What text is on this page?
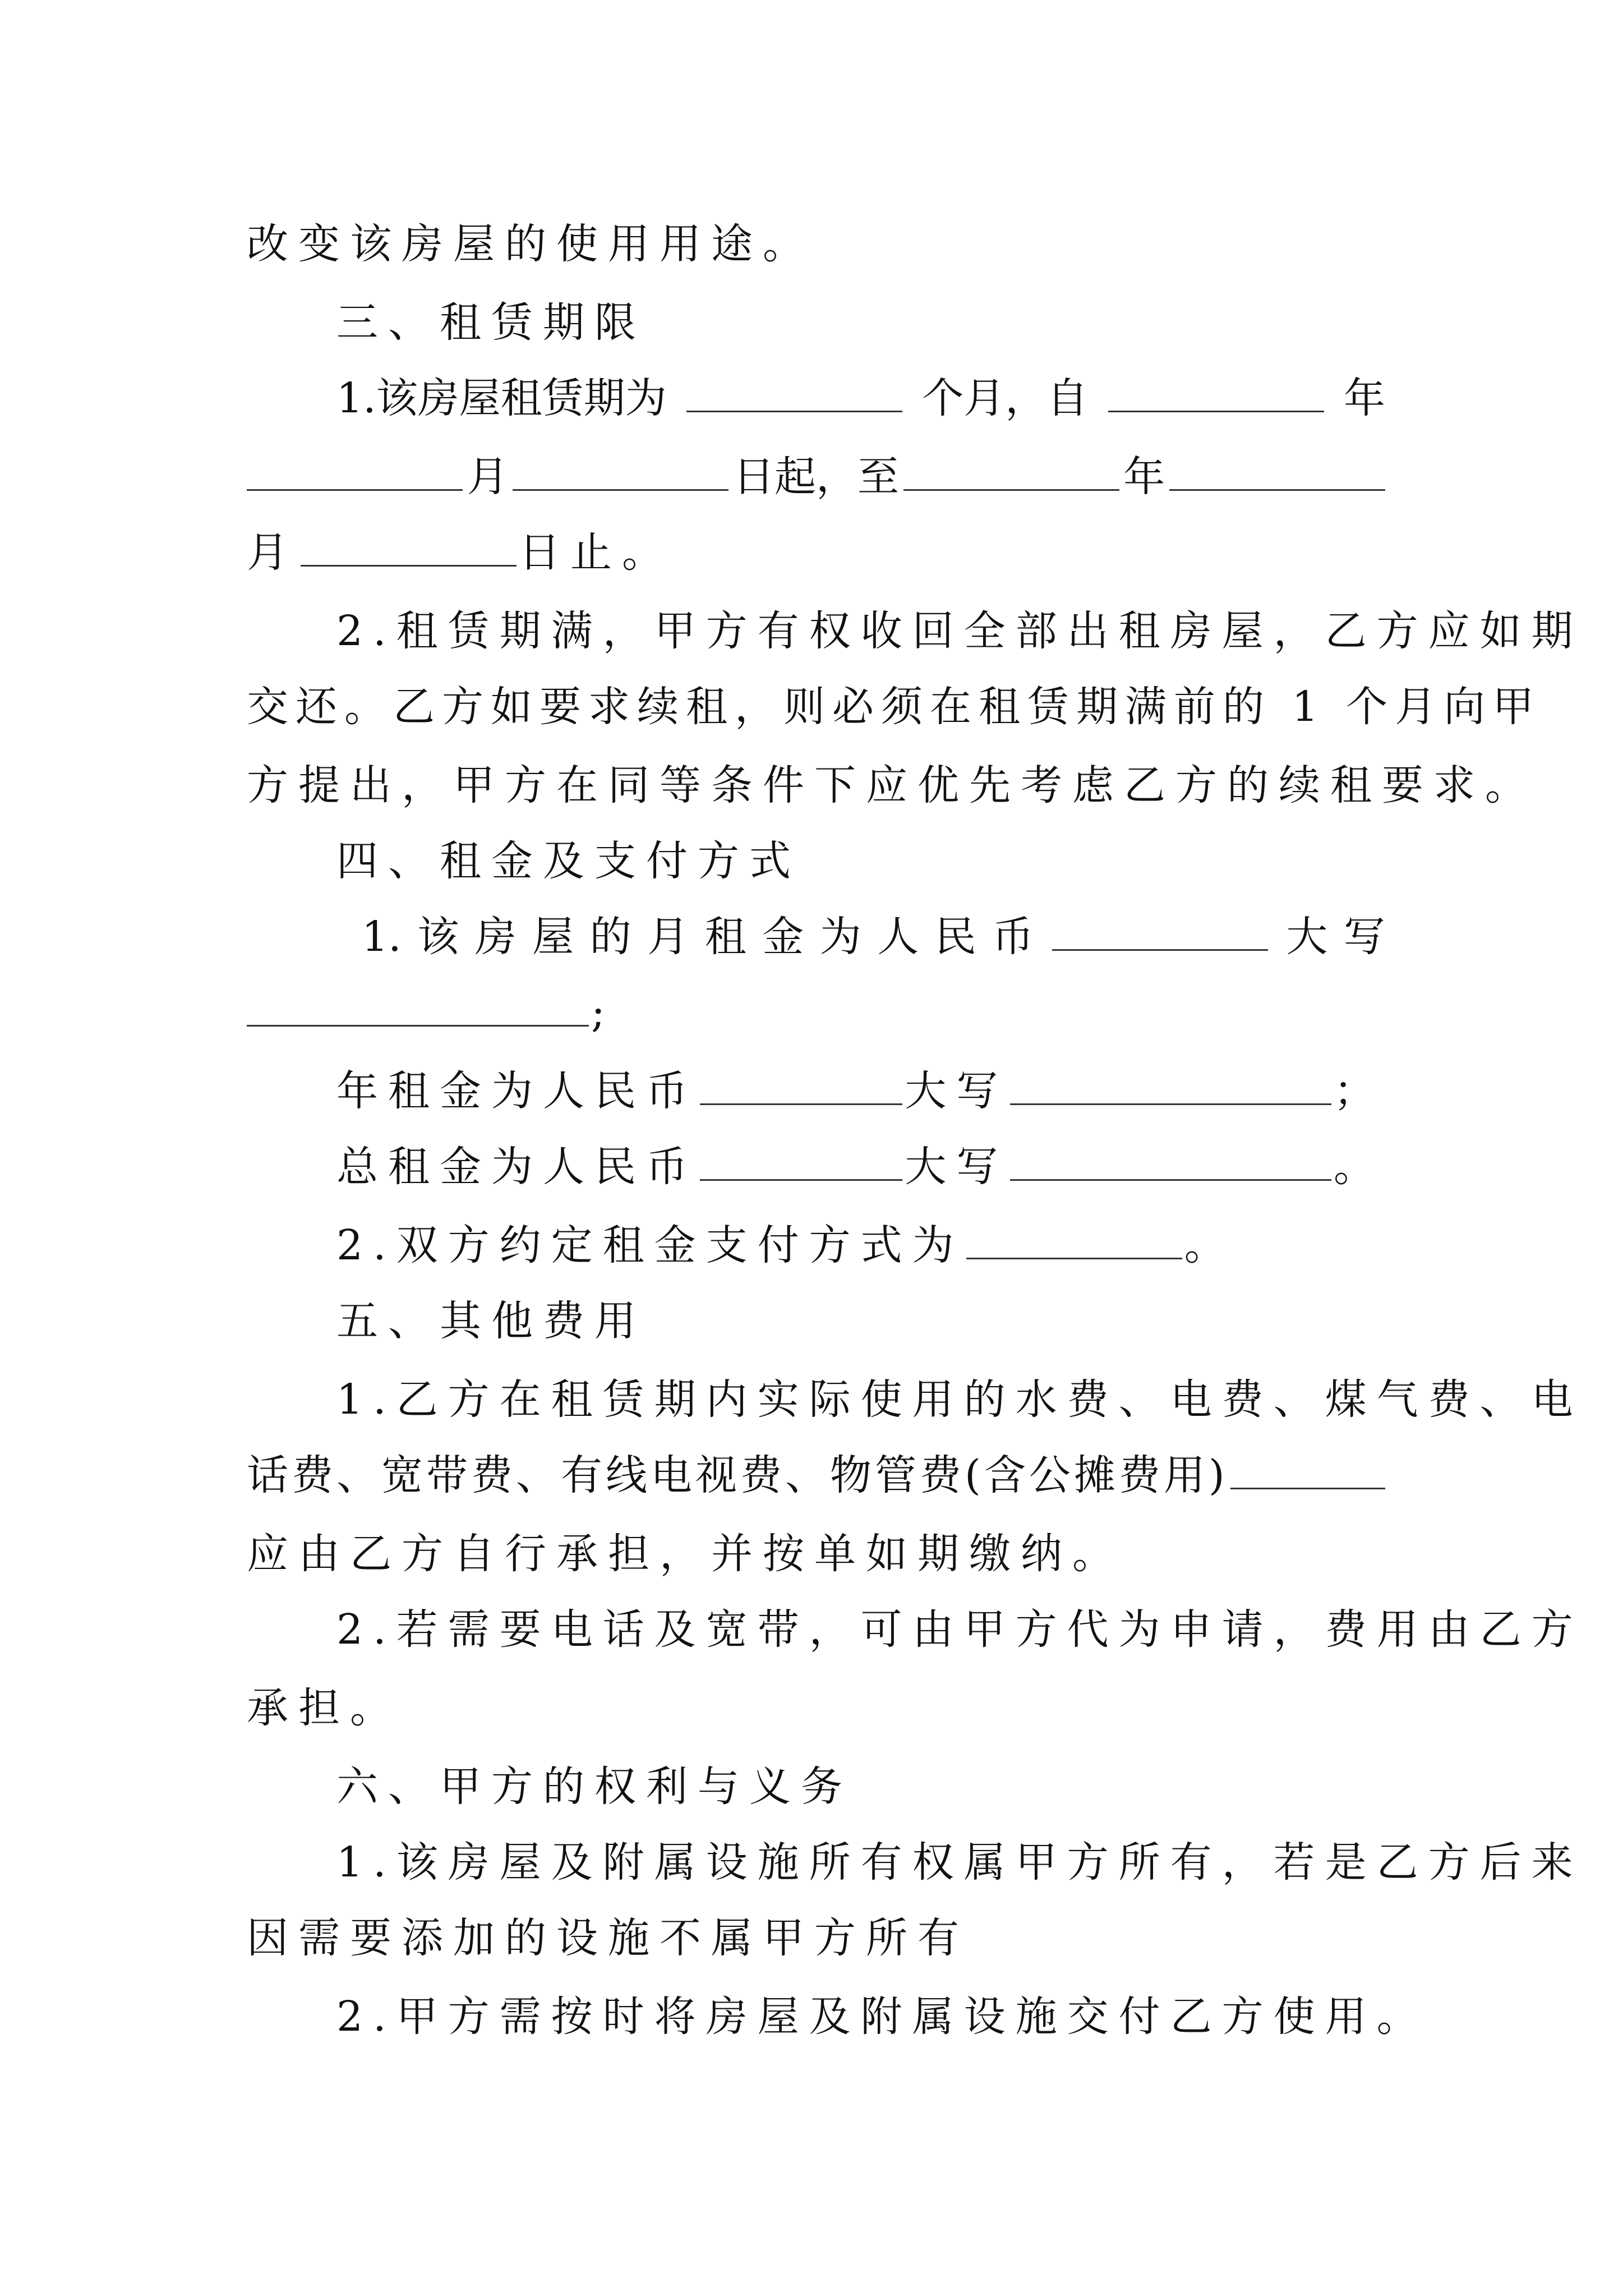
改变该房屋的使用用途。
三、租赁期限
1.该房屋租赁期为	个月，自	年
月	日起，至	年
月	日止。
2.租赁期满，甲方有权收回全部出租房屋，乙方应如期
交还。乙方如要求续租，则必须在租赁期满前的 1 个月向甲
方提出，甲方在同等条件下应优先考虑乙方的续租要求。
四、租金及支付方式
1. 该 房 屋 的 月 租 金 为 人 民 币	大 写
;
年租金为人民币	大写	；
总租金为人民币	大写	。
2.双方约定租金支付方式为	。
五、其他费用
1.乙方在租赁期内实际使用的水费、电费、煤气费、电
话费、宽带费、有线电视费、物管费(含公摊费用)
应由乙方自行承担，并按单如期缴纳。
2.若需要电话及宽带，可由甲方代为申请，费用由乙方
承担。
六、甲方的权利与义务
1.该房屋及附属设施所有权属甲方所有，若是乙方后来
因需要添加的设施不属甲方所有
2.甲方需按时将房屋及附属设施交付乙方使用。
